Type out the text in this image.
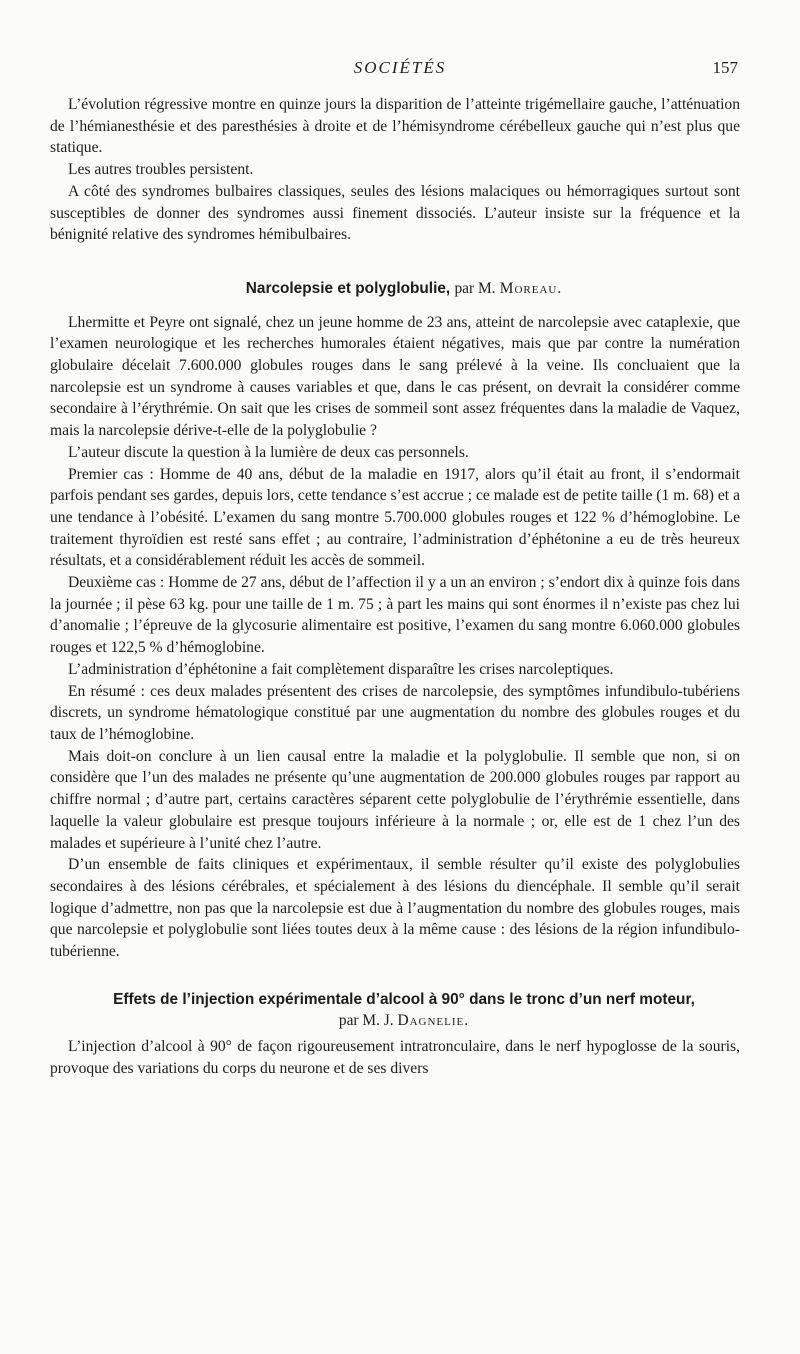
SOCIÉTÉS	157

L’évolution régressive montre en quinze jours la disparition de l’atteinte trigémellaire gauche, l’atténuation de l’hémianesthésie et des paresthésies à droite et de l’hémisyndrome cérébelleux gauche qui n’est plus que statique.

Les autres troubles persistent.

A côté des syndromes bulbaires classiques, seules des lésions malaciques ou hémorragiques surtout sont susceptibles de donner des syndromes aussi finement dissociés. L’auteur insiste sur la fréquence et la bénignité relative des syndromes hémibulbaires.

Narcolepsie et polyglobulie, par M. Moreau.

Lhermitte et Peyre ont signalé, chez un jeune homme de 23 ans, atteint de narcolepsie avec cataplexie, que l’examen neurologique et les recherches humorales étaient négatives, mais que par contre la numération globulaire décelait 7.600.000 globules rouges dans le sang prélevé à la veine. Ils concluaient que la narcolepsie est un syndrome à causes variables et que, dans le cas présent, on devrait la considérer comme secondaire à l’érythrémie. On sait que les crises de sommeil sont assez fréquentes dans la maladie de Vaquez, mais la narcolepsie dérive-t-elle de la polyglobulie ?

L’auteur discute la question à la lumière de deux cas personnels.

Premier cas : Homme de 40 ans, début de la maladie en 1917, alors qu’il était au front, il s’endormait parfois pendant ses gardes, depuis lors, cette tendance s’est accrue ; ce malade est de petite taille (1 m. 68) et a une tendance à l’obésité. L’examen du sang montre 5.700.000 globules rouges et 122 % d’hémoglobine. Le traitement thyroïdien est resté sans effet ; au contraire, l’administration d’éphétonine a eu de très heureux résultats, et a considérablement réduit les accès de sommeil.

Deuxième cas : Homme de 27 ans, début de l’affection il y a un an environ ; s’endort dix à quinze fois dans la journée ; il pèse 63 kg. pour une taille de 1 m. 75 ; à part les mains qui sont énormes il n’existe pas chez lui d’anomalie ; l’épreuve de la glycosurie alimentaire est positive, l’examen du sang montre 6.060.000 globules rouges et 122,5 % d’hémoglobine.

L’administration d’éphétonine a fait complètement disparaître les crises narcoleptiques.

En résumé : ces deux malades présentent des crises de narcolepsie, des symptômes infundibulo-tubériens discrets, un syndrome hématologique constitué par une augmentation du nombre des globules rouges et du taux de l’hémoglobine.

Mais doit-on conclure à un lien causal entre la maladie et la polyglobulie. Il semble que non, si on considère que l’un des malades ne présente qu’une augmentation de 200.000 globules rouges par rapport au chiffre normal ; d’autre part, certains caractères séparent cette polyglobulie de l’érythrémie essentielle, dans laquelle la valeur globulaire est presque toujours inférieure à la normale ; or, elle est de 1 chez l’un des malades et supérieure à l’unité chez l’autre.

D’un ensemble de faits cliniques et expérimentaux, il semble résulter qu’il existe des polyglobulies secondaires à des lésions cérébrales, et spécialement à des lésions du diencéphale. Il semble qu’il serait logique d’admettre, non pas que la narcolepsie est due à l’augmentation du nombre des globules rouges, mais que narcolepsie et polyglobulie sont liées toutes deux à la même cause : des lésions de la région infundibulo-tubérienne.

Effets de l’injection expérimentale d’alcool à 90° dans le tronc d’un nerf moteur,

par M. J. Dagnelie.

L’injection d’alcool à 90° de façon rigoureusement intratronculaire, dans le nerf hypoglosse de la souris, provoque des variations du corps du neurone et de ses divers
